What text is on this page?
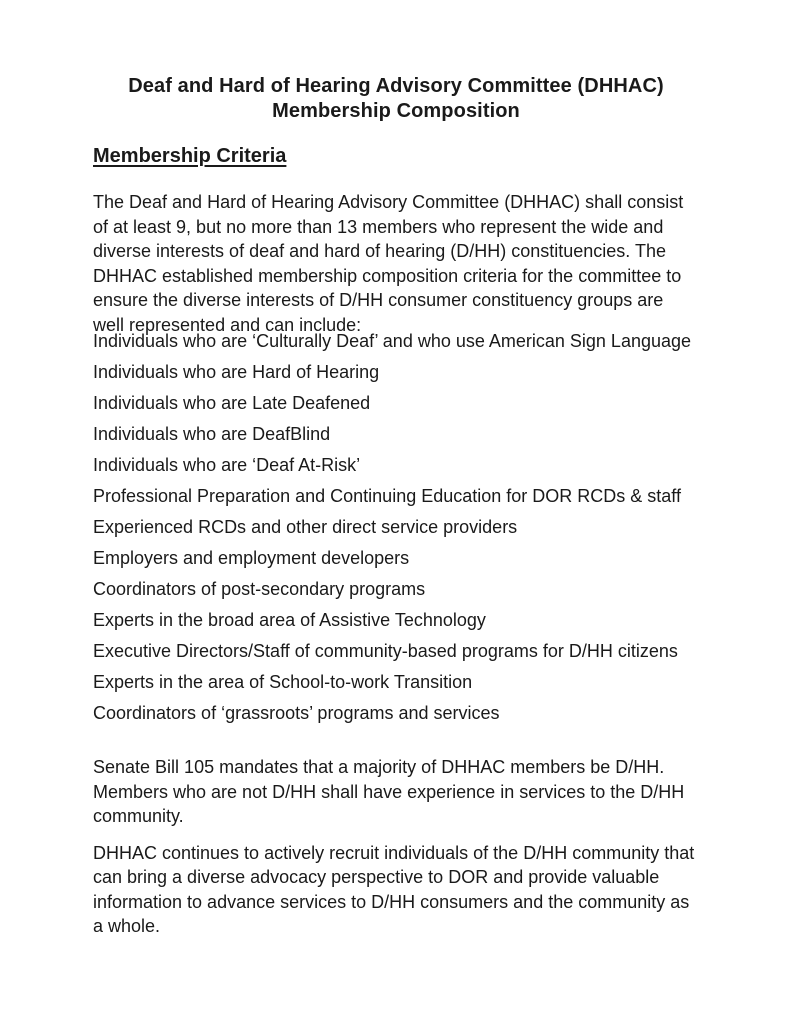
Deaf and Hard of Hearing Advisory Committee (DHHAC)
Membership Composition
Membership Criteria

The Deaf and Hard of Hearing Advisory Committee (DHHAC) shall consist of at least 9, but no more than 13 members who represent the wide and diverse interests of deaf and hard of hearing (D/HH) constituencies. The DHHAC established membership composition criteria for the committee to ensure the diverse interests of D/HH consumer constituency groups are well represented and can include:

Individuals who are ‘Culturally Deaf’ and who use American Sign Language
Individuals who are Hard of Hearing
Individuals who are Late Deafened
Individuals who are DeafBlind
Individuals who are ‘Deaf At-Risk’
Professional Preparation and Continuing Education for DOR RCDs & staff
Experienced RCDs and other direct service providers
Employers and employment developers
Coordinators of post-secondary programs
Experts in the broad area of Assistive Technology
Executive Directors/Staff of community-based programs for D/HH citizens
Experts in the area of School-to-work Transition
Coordinators of ‘grassroots’ programs and services

Senate Bill 105 mandates that a majority of DHHAC members be D/HH. Members who are not D/HH shall have experience in services to the D/HH community.

DHHAC continues to actively recruit individuals of the D/HH community that can bring a diverse advocacy perspective to DOR and provide valuable information to advance services to D/HH consumers and the community as a whole.
